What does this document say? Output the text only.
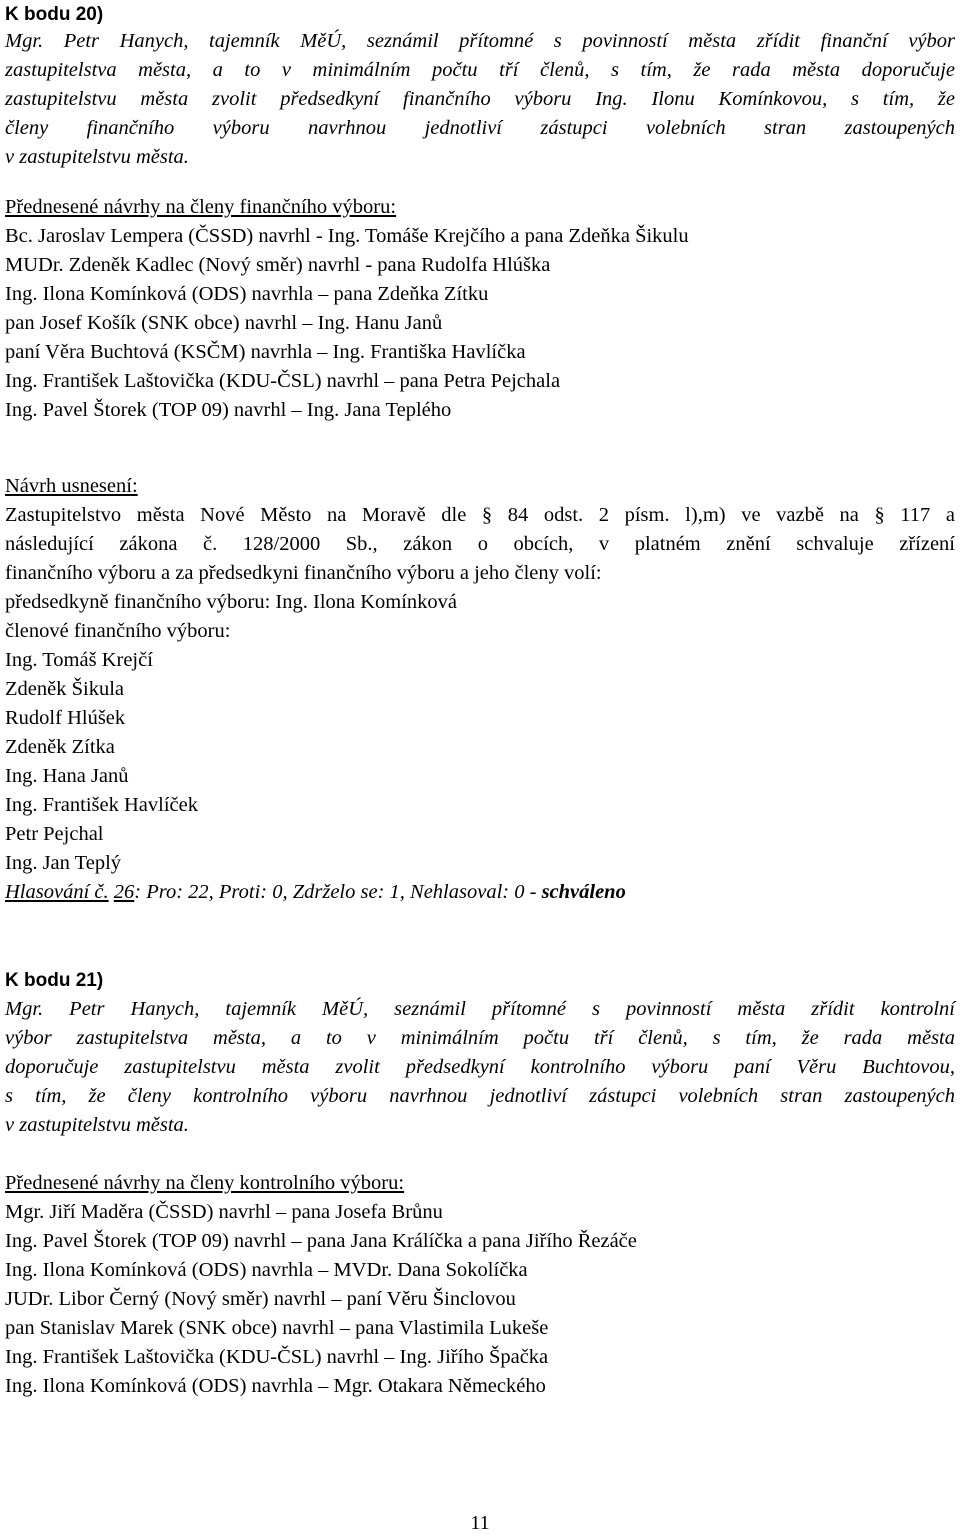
K bodu 20)
Mgr. Petr Hanych, tajemník MěÚ, seznámil přítomné s povinností města zřídit finanční výbor
zastupitelstva města, a to v minimálním počtu tří členů, s tím, že rada města doporučuje
zastupitelstvu města zvolit předsedkyní finančního výboru Ing. Ilonu Komínkovou, s tím, že
členy finančního výboru navrhnou jednotliví zástupci volebních stran zastoupených
v zastupitelstvu města.
Přednesené návrhy na členy finančního výboru:
Bc. Jaroslav Lempera (ČSSD) navrhl - Ing. Tomáše Krejčího a pana Zdeňka Šikulu
MUDr. Zdeněk Kadlec (Nový směr) navrhl - pana Rudolfa Hlúška
Ing. Ilona Komínková (ODS) navrhla – pana Zdeňka Zítku
pan Josef Košík (SNK obce) navrhl – Ing. Hanu Janů
paní Věra Buchtová (KSČM) navrhla – Ing. Františka Havlíčka
Ing. František Laštovička (KDU-ČSL) navrhl – pana Petra Pejchala
Ing. Pavel Štorek (TOP 09) navrhl – Ing. Jana Teplého
Návrh usnesení:
Zastupitelstvo města Nové Město na Moravě dle § 84 odst. 2 písm. l),m) ve vazbě na § 117 a
následující zákona č. 128/2000 Sb., zákon o obcích, v platném znění schvaluje zřízení
finančního výboru a za předsedkyni finančního výboru a jeho členy volí:
předsedkyně finančního výboru: Ing. Ilona Komínková
členové finančního výboru:
Ing. Tomáš Krejčí
Zdeněk Šikula
Rudolf Hlúšek
Zdeněk Zítka
Ing. Hana Janů
Ing. František Havlíček
Petr Pejchal
Ing. Jan Teplý
Hlasování č. 26: Pro: 22, Proti: 0, Zdrželo se: 1, Nehlasoval: 0 - schváleno
K bodu 21)
Mgr. Petr Hanych, tajemník MěÚ, seznámil přítomné s povinností města zřídit kontrolní
výbor zastupitelstva města, a to v minimálním počtu tří členů, s tím, že rada města
doporučuje zastupitelstvu města zvolit předsedkyní kontrolního výboru paní Věru Buchtovou,
s tím, že členy kontrolního výboru navrhnou jednotliví zástupci volebních stran zastoupených
v zastupitelstvu města.
Přednesené návrhy na členy kontrolního výboru:
Mgr. Jiří Maděra (ČSSD) navrhl – pana Josefa Brůnu
Ing. Pavel Štorek (TOP 09) navrhl – pana Jana Králíčka a pana Jiřího Řezáče
Ing. Ilona Komínková (ODS) navrhla – MVDr. Dana Sokolíčka
JUDr. Libor Černý (Nový směr) navrhl – paní Věru Šinclovou
pan Stanislav Marek (SNK obce) navrhl – pana Vlastimila Lukeše
Ing. František Laštovička (KDU-ČSL) navrhl – Ing. Jiřího Špačka
Ing. Ilona Komínková (ODS) navrhla – Mgr. Otakara Německého
11
